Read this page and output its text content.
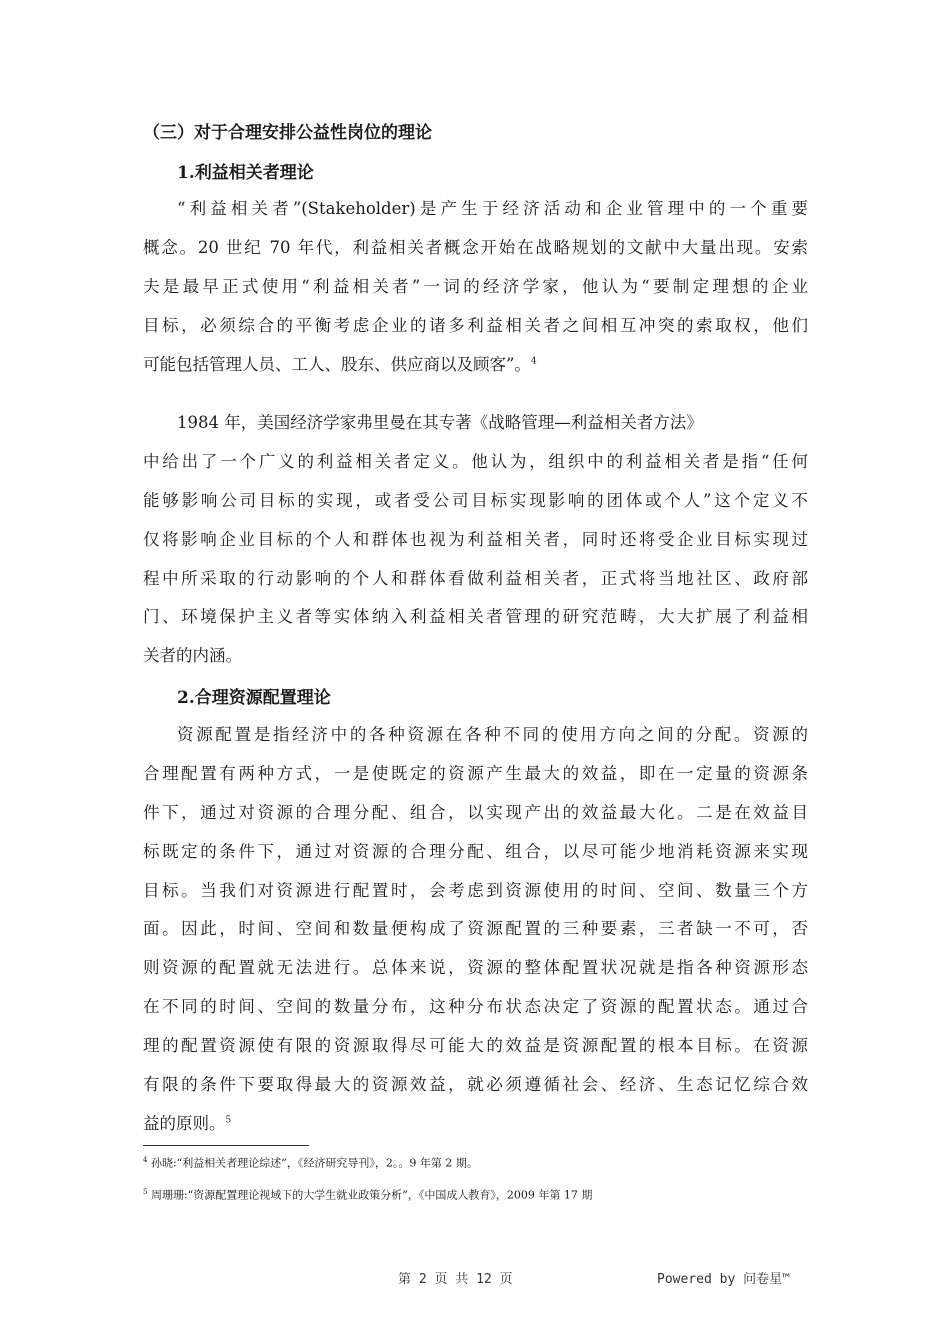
（三）对于合理安排公益性岗位的理论
1.利益相关者理论
“利益相关者”(Stakeholder)是产生于经济活动和企业管理中的一个重要
概念。20 世纪 70 年代，利益相关者概念开始在战略规划的文献中大量出现。安索
夫是最早正式使用“利益相关者”一词的经济学家，他认为“要制定理想的企业
目标，必须综合的平衡考虑企业的诸多利益相关者之间相互冲突的索取权，他们
可能包括管理人员、工人、股东、供应商以及顾客”。$^4$
1984 年，美国经济学家弗里曼在其专著《战略管理—利益相关者方法》
中给出了一个广义的利益相关者定义。他认为，组织中的利益相关者是指“任何
能够影响公司目标的实现，或者受公司目标实现影响的团体或个人”这个定义不
仅将影响企业目标的个人和群体也视为利益相关者，同时还将受企业目标实现过
程中所采取的行动影响的个人和群体看做利益相关者，正式将当地社区、政府部
门、环境保护主义者等实体纳入利益相关者管理的研究范畴，大大扩展了利益相
关者的内涵。
2.合理资源配置理论
资源配置是指经济中的各种资源在各种不同的使用方向之间的分配。资源的
合理配置有两种方式，一是使既定的资源产生最大的效益，即在一定量的资源条
件下，通过对资源的合理分配、组合，以实现产出的效益最大化。二是在效益目
标既定的条件下，通过对资源的合理分配、组合，以尽可能少地消耗资源来实现
目标。当我们对资源进行配置时，会考虑到资源使用的时间、空间、数量三个方
面。因此，时间、空间和数量便构成了资源配置的三种要素，三者缺一不可，否
则资源的配置就无法进行。总体来说，资源的整体配置状况就是指各种资源形态
在不同的时间、空间的数量分布，这种分布状态决定了资源的配置状态。通过合
理的配置资源使有限的资源取得尽可能大的效益是资源配置的根本目标。在资源
有限的条件下要取得最大的资源效益，就必须遵循社会、经济、生态记忆综合效
益的原则。$^5$
$^4$ 孙晓:“利益相关者理论综述”，《经济研究导刊》，2。。9 年第 2 期。
$^5$ 周珊珊:“资源配置理论视域下的大学生就业政策分析”，《中国成人教育》，2009 年第 17 期
第 2 页 共 12 页	Powered by 问卷星™
